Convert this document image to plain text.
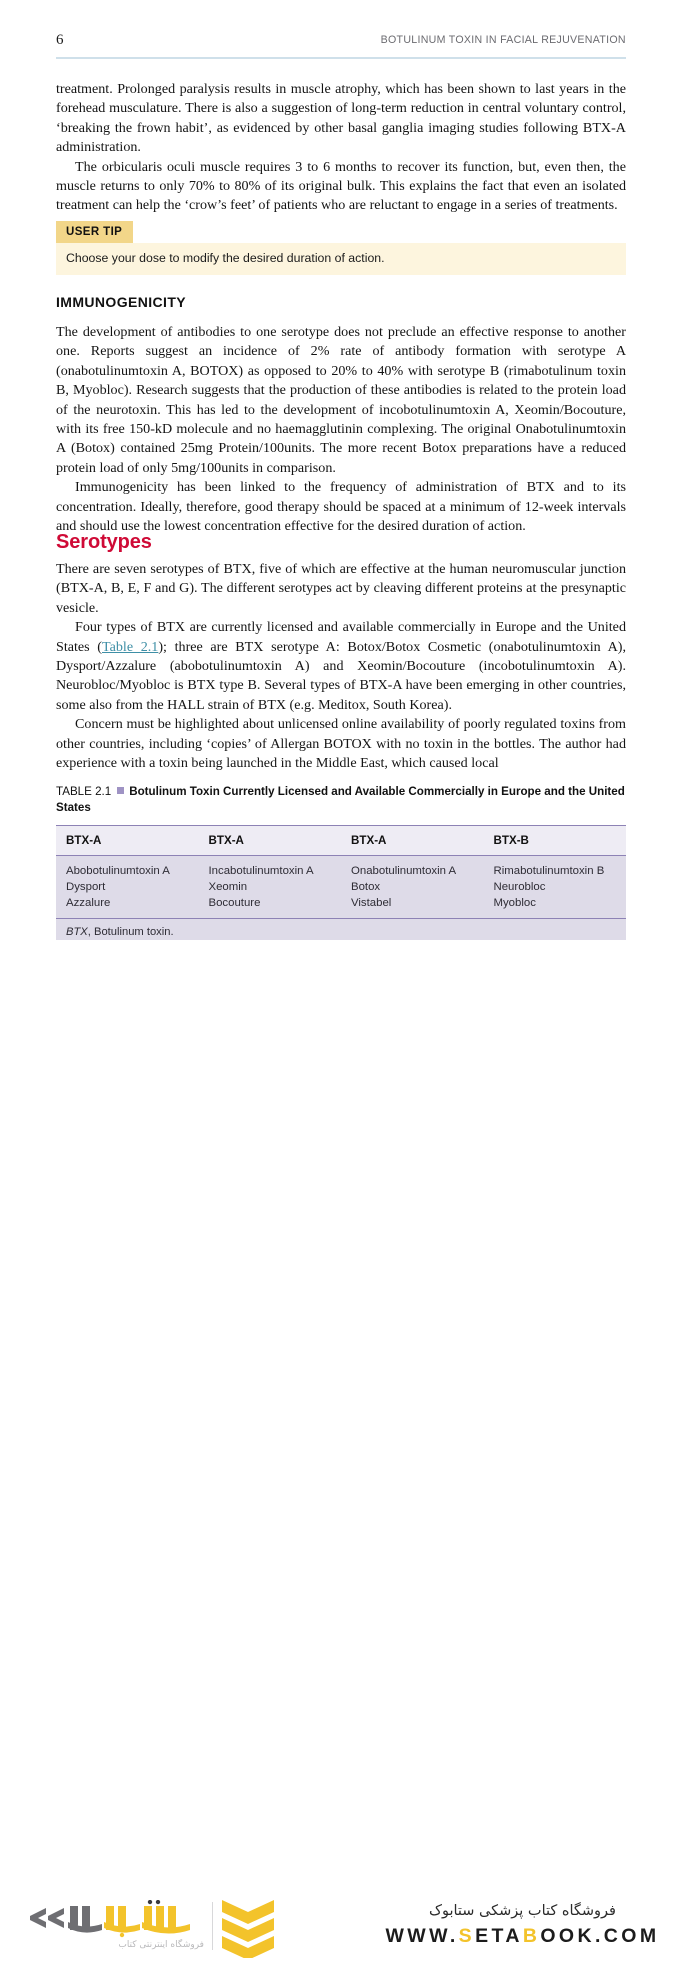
6	BOTULINUM TOXIN IN FACIAL REJUVENATION

treatment. Prolonged paralysis results in muscle atrophy, which has been shown to last years in the forehead musculature. There is also a suggestion of long-term reduction in central voluntary control, ‘breaking the frown habit’, as evidenced by other basal ganglia imaging studies following BTX-A administration.

The orbicularis oculi muscle requires 3 to 6 months to recover its function, but, even then, the muscle returns to only 70% to 80% of its original bulk. This explains the fact that even an isolated treatment can help the ‘crow’s feet’ of patients who are reluctant to engage in a series of treatments.

USER TIP
Choose your dose to modify the desired duration of action.
IMMUNOGENICITY

The development of antibodies to one serotype does not preclude an effective response to another one. Reports suggest an incidence of 2% rate of antibody formation with serotype A (onabotulinumtoxin A, BOTOX) as opposed to 20% to 40% with serotype B (rimabotulinum toxin B, Myobloc). Research suggests that the production of these antibodies is related to the protein load of the neurotoxin. This has led to the development of incobotulinumtoxin A, Xeomin/Bocouture, with its free 150-kD molecule and no haemagglutinin complexing. The original Onabotulinumtoxin A (Botox) contained 25mg Protein/100units. The more recent Botox preparations have a reduced protein load of only 5mg/100units in comparison.

Immunogenicity has been linked to the frequency of administration of BTX and to its concentration. Ideally, therefore, good therapy should be spaced at a minimum of 12-week intervals and should use the lowest concentration effective for the desired duration of action.

Serotypes

There are seven serotypes of BTX, five of which are effective at the human neuromuscular junction (BTX-A, B, E, F and G). The different serotypes act by cleaving different proteins at the presynaptic vesicle.

Four types of BTX are currently licensed and available commercially in Europe and the United States (Table 2.1); three are BTX serotype A: Botox/Botox Cosmetic (onabotulinumtoxin A), Dysport/Azzalure (abobotulinumtoxin A) and Xeomin/Bocouture (incobotulinumtoxin A). Neurobloc/Myobloc is BTX type B. Several types of BTX-A have been emerging in other countries, some also from the HALL strain of BTX (e.g. Meditox, South Korea).

Concern must be highlighted about unlicensed online availability of poorly regulated toxins from other countries, including ‘copies’ of Allergan BOTOX with no toxin in the bottles. The author had experience with a toxin being launched in the Middle East, which caused local

TABLE 2.1 Botulinum Toxin Currently Licensed and Available Commercially in Europe and the United States
BTX-A	BTX-A	BTX-A	BTX-B
Abobotulinumtoxin A	Incabotulinumtoxin A	Onabotulinumtoxin A	Rimabotulinumtoxin B
Dysport	Xeomin	Botox	Neurobloc
Azzalure	Bocouture	Vistabel	Myobloc
BTX, Botulinum toxin.			
فروشگاه اینترنتی کتاب
فروشگاه کتاب پزشکی ستابوک
WWW.SETABOOK.COM
